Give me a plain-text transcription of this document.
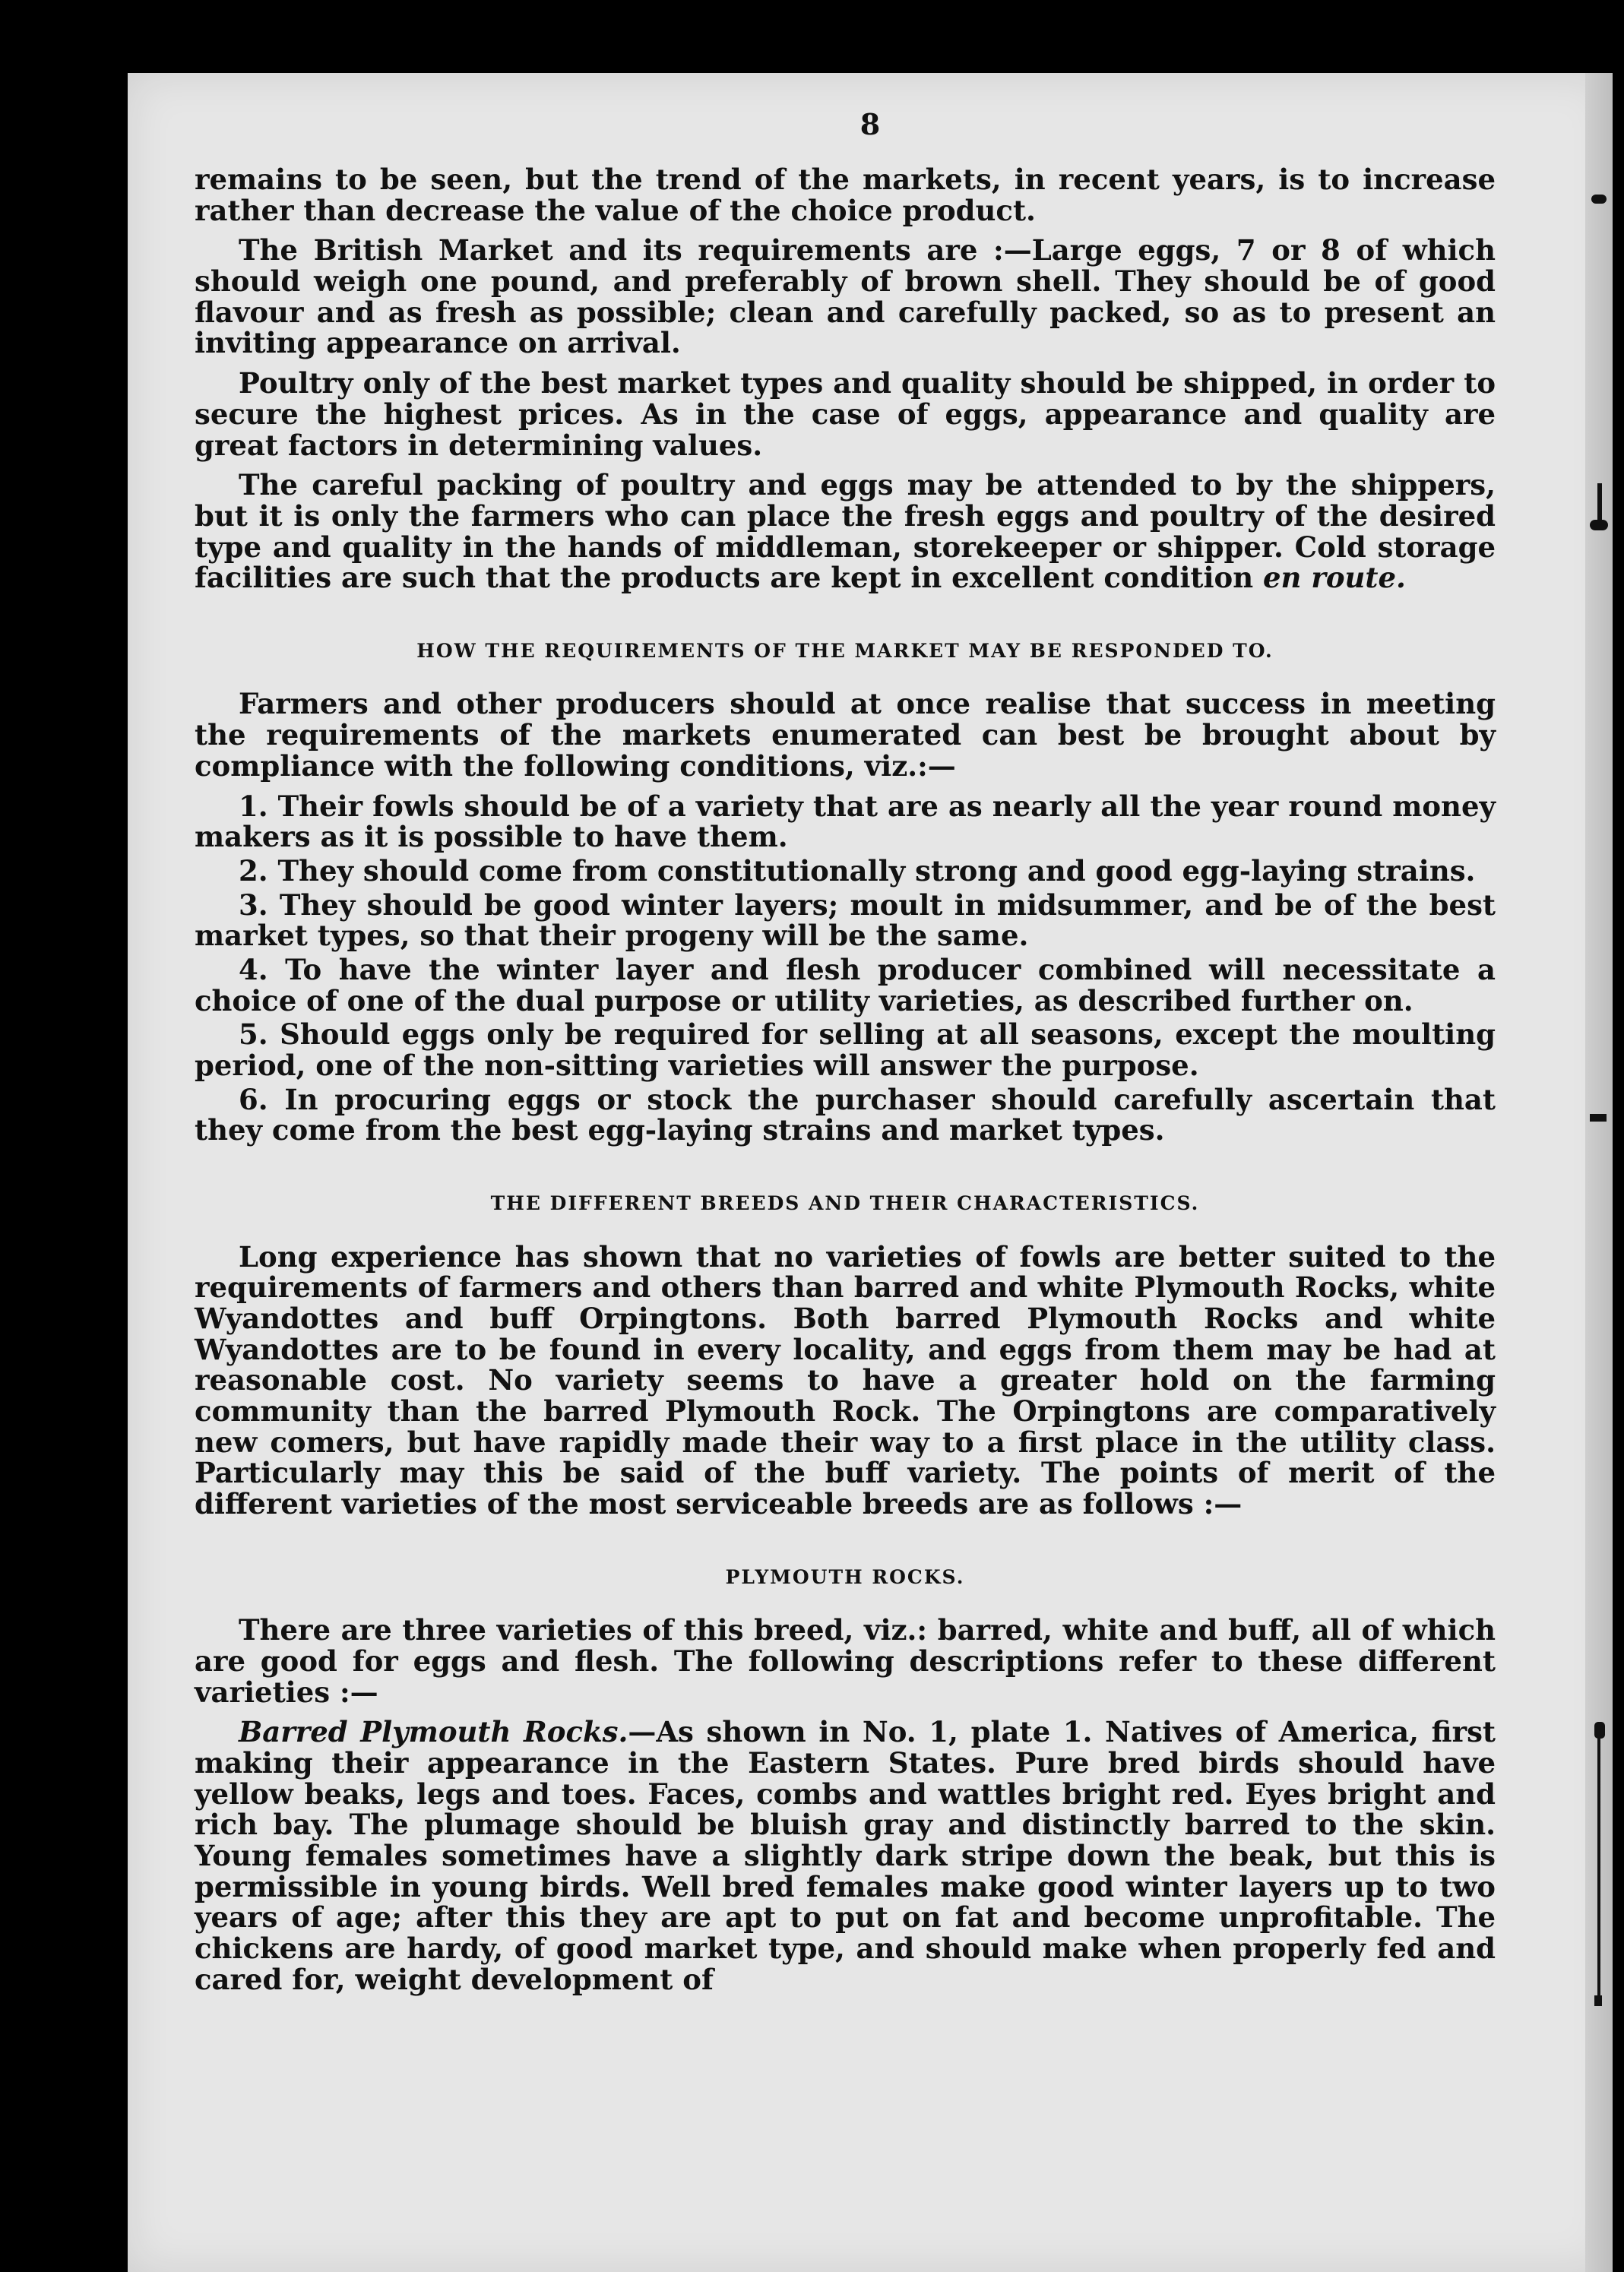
8

remains to be seen, but the trend of the markets, in recent years, is to increase rather than decrease the value of the choice product.

The British Market and its requirements are :—Large eggs, 7 or 8 of which should weigh one pound, and preferably of brown shell. They should be of good flavour and as fresh as possible; clean and carefully packed, so as to present an inviting appearance on arrival.

Poultry only of the best market types and quality should be shipped, in order to secure the highest prices. As in the case of eggs, appearance and quality are great factors in determining values.

The careful packing of poultry and eggs may be attended to by the shippers, but it is only the farmers who can place the fresh eggs and poultry of the desired type and quality in the hands of middleman, storekeeper or shipper. Cold storage facilities are such that the products are kept in excellent condition en route.

HOW THE REQUIREMENTS OF THE MARKET MAY BE RESPONDED TO.

Farmers and other producers should at once realise that success in meeting the requirements of the markets enumerated can best be brought about by compliance with the following conditions, viz.:—

1. Their fowls should be of a variety that are as nearly all the year round money makers as it is possible to have them.

2. They should come from constitutionally strong and good egg-laying strains.

3. They should be good winter layers; moult in midsummer, and be of the best market types, so that their progeny will be the same.

4. To have the winter layer and flesh producer combined will necessitate a choice of one of the dual purpose or utility varieties, as described further on.

5. Should eggs only be required for selling at all seasons, except the moulting period, one of the non-sitting varieties will answer the purpose.

6. In procuring eggs or stock the purchaser should carefully ascertain that they come from the best egg-laying strains and market types.

THE DIFFERENT BREEDS AND THEIR CHARACTERISTICS.

Long experience has shown that no varieties of fowls are better suited to the requirements of farmers and others than barred and white Plymouth Rocks, white Wyandottes and buff Orpingtons. Both barred Plymouth Rocks and white Wyandottes are to be found in every locality, and eggs from them may be had at reasonable cost. No variety seems to have a greater hold on the farming community than the barred Plymouth Rock. The Orpingtons are comparatively new comers, but have rapidly made their way to a first place in the utility class. Particularly may this be said of the buff variety. The points of merit of the different varieties of the most serviceable breeds are as follows :—

PLYMOUTH ROCKS.

There are three varieties of this breed, viz.: barred, white and buff, all of which are good for eggs and flesh. The following descriptions refer to these different varieties :—

Barred Plymouth Rocks.—As shown in No. 1, plate 1. Natives of America, first making their appearance in the Eastern States. Pure bred birds should have yellow beaks, legs and toes. Faces, combs and wattles bright red. Eyes bright and rich bay. The plumage should be bluish gray and distinctly barred to the skin. Young females sometimes have a slightly dark stripe down the beak, but this is permissible in young birds. Well bred females make good winter layers up to two years of age; after this they are apt to put on fat and become unprofitable. The chickens are hardy, of good market type, and should make when properly fed and cared for, weight development of
